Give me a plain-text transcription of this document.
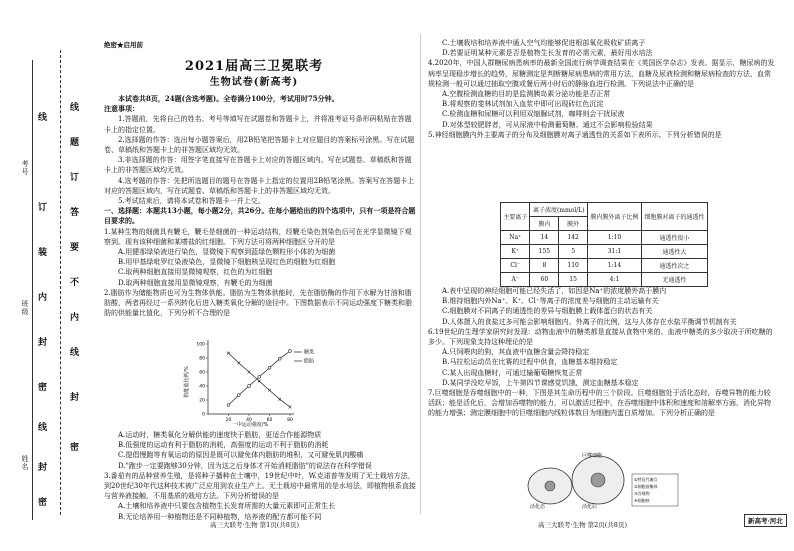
考号
班级
姓名
线
题
订
答
要
不
内
线
封
密
线
订
装
内
封
密
线
封
密
绝密★启用前
2021届高三卫冕联考
生物试卷(新高考)

本试卷共8页，24题(含选考题)。全卷满分100分，考试用时75分钟。

注意事项：

1.答题前，先将自己的姓名、考号等填写在试题卷和答题卡上，并将准考证号条形码粘贴在答题卡上的指定位置。

2.选择题的作答：选出每小题答案后，用2B铅笔把答题卡上对应题目的答案标号涂黑。写在试题卷、草稿纸和答题卡上的非答题区域均无效。

3.非选择题的作答：用签字笔直接写在答题卡上对应的答题区域内。写在试题卷、草稿纸和答题卡上的非答题区域均无效。

4.选考题的作答：先把所选题目的题号在答题卡上指定的位置用2B铅笔涂黑。答案写在答题卡上对应的答题区域内，写在试题卷、草稿纸和答题卡上的非答题区域均无效。

5.考试结束后，请将本试卷和答题卡一并上交。

一、选择题：本题共13小题，每小题2分，共26分。在每小题给出的四个选项中，只有一项是符合题目要求的。

1.某种生物的细菌具有鞭毛，鞭毛是细菌的一种运动结构，经鞭毛染色剂染色后可在光学显微镜下观察到。现有该种细菌和某嗜盐的红细胞。下列方法可将两种细胞区分开的是

A.用健那绿染液进行染色，显微镜下观察到蓝绿色颗粒形小体的为细菌

B.用甲基绿吡罗红染液染色，显微镜下细胞核呈现红色的细胞为红细胞

C.取两种细胞直接用显微镜观察，红色的为红细胞

D.取两种细胞直接用显微镜观察，有鞭毛的为细菌

2.脂肪作为储能物质也可为生物体供能。脂肪为生物体供能时，先在脂肪酶的作用下水解为甘油和脂肪酸，两者再经过一系列转化后进入糖类氧化分解的途径中。下图数据表示不同运动强度下糖类和脂肪的供能量比值化，下列分析不合理的是

供能量比例/%
一中运动强度/%
0
20
40
60
80
100
20	40	60	80
糖类
脂肪

A.运动时，糖类氧化分解供能的速度快于脂肪，更适合作能源物质

B.低强度的运动有利于脂肪的消耗，高强度的运动不利于脂肪的消耗

C.提倡慢跑等有氧运动的原因是既可以避免体内脂肪的堆积，又可避免肌肉酸痛

D."跑步一定要跑够30分钟，因为这之后身体才开始消耗脂肪"的说法存在科学错误

3.番茄有的品种营养生殖，是将种子播种在土壤中，19世纪中叶，W.克诺普等发明了无土栽培方法，到20世纪30年代这种技术被广泛应用到农业生产上。无土栽培中最常用的是水培法，即植物根系直接与营养液接触，不用基质的栽培方法。下列分析错误的是

A.土壤和培养液中只要包含植物生长发育所需的大量元素即可正常生长

B.无论培养用一种植物还是不同种植物，培养液的配方都可能不同

高三大联考·生物 第1页(共8页)

C.土壤栽培和培养液中通人空气均能够促进根部氧化吸收矿质离子

D.若要证明某种元素是否是植物生长发育的必需元素，最好用水培法

4.2020年，中国人群糖尿病患病率的最新全国流行病学调查结果在《英国医学杂志》发表。据显示，糖尿病的发病率呈现稳步增长的趋势，尿糖测定是判断糖尿病患病的常用方法，血糖及尿液检测和糖尿病检查的方法，血常规检测一般可以通过抽取空腹或餐后两小时后的静脉血进行检测。下列说法中正确的是

A.空腹检测血糖的目的是监测胰岛素分泌功能是否正常

B.将观察的斐林试剂加入血浆中即可出现砖红色沉淀

C.检测血糖和尿糖可以利用双缩脲试剂，咖啡则会干扰尿液

D.对体型较肥胖者，可从尿液中检测葡萄糖、通过不会影响检验结果

5.神经细胞膜内外主要离子的分布及细胞膜对离子通透性的关系如下表所示。下列分析错误的是

主要离子	离子浓度(mmol/L)		膜内膜外离子比例	细胞膜对离子的通透性
	膜内	膜外		
Na⁺	14	142	1:10	通透性很小
K⁺	155	5	31:1	通透性大
Cl⁻	8	110	1:14	通透性次之
A⁻	60	15	4:1	无通透性

A.表中呈现的神经细胞可能已经失活了，如因是Na⁺的浓度膜外高于膜内

B.维持细胞内外Na⁺、K⁺、Cl⁻等离子的浓度差与细胞的主动运输有关

C.细胞膜对不同离子的通透性的差异与细胞膜上载体蛋白的状态有关

D.人体摄入的食盐过多可能会影响细胞内、外离子的比例，这与人体存在水盐平衡调节机制有关

6.19世纪的生理学家研究时发现：动物血液中的糖类都是直接从食物中来的。血液中糖类的多少取决于所吃糖的多少。下列现象支持这种理论的是

A.只饲喂肉的狗，其血液中血糖含量会降持稳定

B.马拉松运动员在比赛的过程中供食，血糖基本维持稳定

C.某人出现血糖时，可通过输葡萄糖恢复正常

D.某同学没吃早饭，上午第四节课感觉饥饿，测定血糖基本稳定

7.巨噬细胞是吞噬细胞中的一种，下图是其生命历程中的三个阶段。巨噬细胞处于活化态时，吞噬异物的能力较活跃；能是活化后，会增加吞噬物的能力，可以激活过程中，在吞噬细胞中体积和速度和溶解率方面，消化异物的能力增强；测定膜细胞中的巨噬细胞内线粒体数目为细胞内蛋白质增加。下列分析正确的是

巨噬细胞
活化态	活化后
①特征代谢点
②细胞溶酶体
③吞噬物
④细胞核
高三大联考·生物 第2页(共8页)	新高考·河北
